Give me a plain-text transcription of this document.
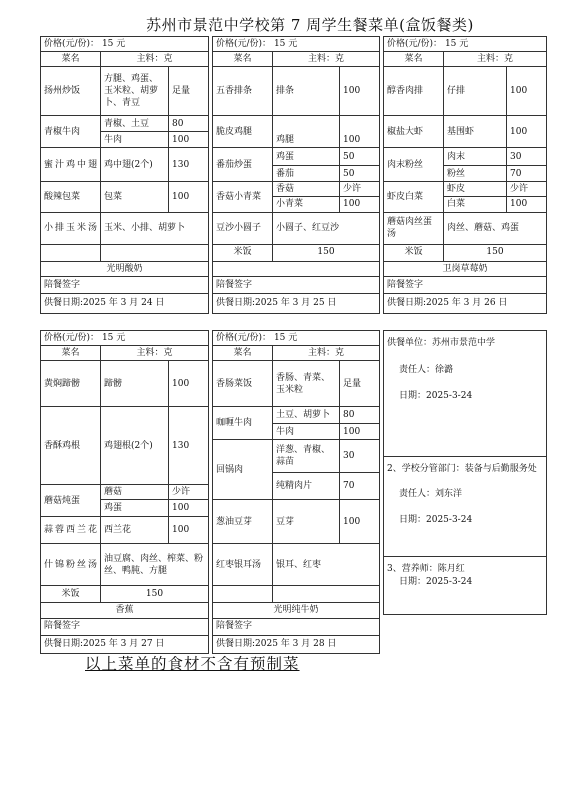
苏州市景范中学校第 7 周学生餐菜单(盒饭餐类)
价格(元/份)： 15 元				价格(元/份)： 15 元				价格(元/份)： 15 元		
菜名	主料：克			菜名	主料：克			菜名	主料：克	
扬州炒饭	方腿、鸡蛋、玉米粒、胡萝卜、青豆	足量		五香排条	排条	100		醇香肉排	仔排	100

青椒牛肉	青椒、土豆	80		脆皮鸡腿	鸡腿	100		椒盐大虾	基围虾	100
	牛肉	100								
蜜汁鸡中翅	鸡中翅(2个)	130		番茄炒蛋	鸡蛋	50		肉末粉丝	肉末	30
					番茄	50			粉丝	70
酸辣包菜	包菜	100		香菇小青菜	香菇	少许		虾皮白菜	虾皮	少许
					小青菜	100			白菜	100
小排玉米汤	玉米、小排、胡萝卜			豆沙小圆子	小圆子、红豆沙			蘑菇肉丝蛋汤	肉丝、蘑菇、鸡蛋	
				米饭	150			米饭	150	
光明酸奶								卫岗草莓奶		
陪餐签字				陪餐签字				陪餐签字		
供餐日期:2025 年 3 月 24 日				供餐日期:2025 年 3 月 25 日				供餐日期:2025 年 3 月 26 日		
价格(元/份)： 15 元				价格(元/份)： 15 元		
菜名	主料：克			菜名	主料：克	
黄焖蹄髈	蹄髈	100		香肠菜饭	香肠、青菜、玉米粒	足量
香酥鸡根	鸡翅根(2个)	130		咖喱牛肉	土豆、胡萝卜	80
					牛肉	100
				回锅肉	洋葱、青椒、蒜苗	30
					纯精肉片	70
蘑菇炖蛋	蘑菇	少许				
	鸡蛋	100		葱油豆芽	豆芽	100
蒜蓉西兰花	西兰花	100				
什锦粉丝汤	油豆腐、肉丝、榨菜、粉丝、鸭肫、方腿			红枣银耳汤	银耳、红枣	
米饭	150					
香蕉				光明纯牛奶		
陪餐签字				陪餐签字		
供餐日期:2025 年 3 月 27 日				供餐日期:2025 年 3 月 28 日		
供餐单位：苏州市景范中学
责任人：徐潞
日期：2025-3-24

2、学校分管部门：装备与后勤服务处
责任人：刘东洋
日期：2025-3-24

3、营养师：陈月红
日期：2025-3-24
以上菜单的食材不含有预制菜
